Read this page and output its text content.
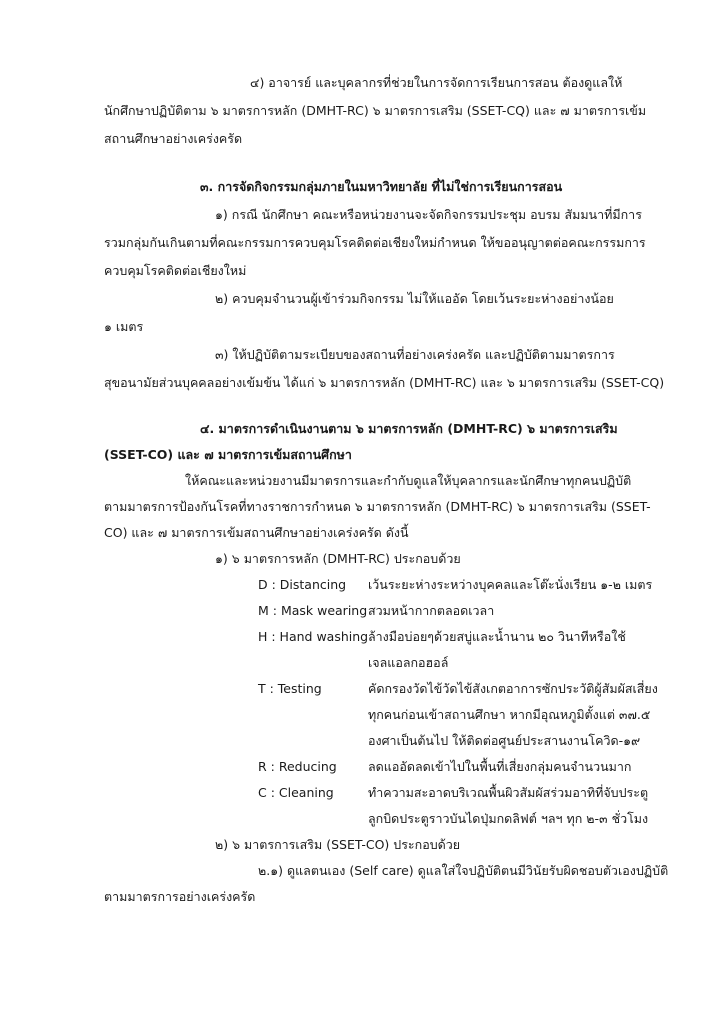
๔) อาจารย์ และบุคลากรที่ช่วยในการจัดการเรียนการสอน ต้องดูแลให้
นักศึกษาปฏิบัติตาม ๖ มาตรการหลัก (DMHT-RC) ๖ มาตรการเสริม (SSET-CQ) และ ๗ มาตรการเข้ม
สถานศึกษาอย่างเคร่งครัด
๓. การจัดกิจกรรมกลุ่มภายในมหาวิทยาลัย ที่ไม่ใช่การเรียนการสอน
๑) กรณี นักศึกษา คณะหรือหน่วยงานจะจัดกิจกรรมประชุม อบรม สัมมนาที่มีการ
รวมกลุ่มกันเกินตามที่คณะกรรมการควบคุมโรคติดต่อเชียงใหม่กำหนด ให้ขออนุญาตต่อคณะกรรมการ
ควบคุมโรคติดต่อเชียงใหม่
๒) ควบคุมจำนวนผู้เข้าร่วมกิจกรรม ไม่ให้แออัด โดยเว้นระยะห่างอย่างน้อย
๑ เมตร
๓) ให้ปฏิบัติตามระเบียบของสถานที่อย่างเคร่งครัด และปฏิบัติตามมาตรการ
สุขอนามัยส่วนบุคคลอย่างเข้มข้น ได้แก่ ๖ มาตรการหลัก (DMHT-RC) และ ๖ มาตรการเสริม (SSET-CQ)
๔. มาตรการดำเนินงานตาม ๖ มาตรการหลัก (DMHT-RC) ๖ มาตรการเสริม
(SSET-CO) และ ๗ มาตรการเข้มสถานศึกษา
ให้คณะและหน่วยงานมีมาตรการและกำกับดูแลให้บุคลากรและนักศึกษาทุกคนปฏิบัติ
ตามมาตรการป้องกันโรคที่ทางราชการกำหนด ๖ มาตรการหลัก (DMHT-RC) ๖ มาตรการเสริม (SSET-
CO) และ ๗ มาตรการเข้มสถานศึกษาอย่างเคร่งครัด ดังนี้
๑) ๖ มาตรการหลัก (DMHT-RC) ประกอบด้วย
D : Distancing เว้นระยะห่างระหว่างบุคคลและโต๊ะนั่งเรียน ๑-๒ เมตร
M : Mask wearing สวมหน้ากากตลอดเวลา
H : Hand washing ล้างมือบ่อยๆด้วยสบู่และน้ำนาน ๒๐ วินาทีหรือใช้
เจลแอลกอฮอล์
T : Testing	คัดกรองวัดไข้วัดไข้สังเกตอาการซักประวัติผู้สัมผัสเสี่ยง
ทุกคนก่อนเข้าสถานศึกษา หากมีอุณหภูมิตั้งแต่ ๓๗.๕
องศาเป็นต้นไป ให้ติดต่อศูนย์ประสานงานโควิด-๑๙
R : Reducing	ลดแออัดลดเข้าไปในพื้นที่เสี่ยงกลุ่มคนจำนวนมาก
C : Cleaning	ทำความสะอาดบริเวณพื้นผิวสัมผัสร่วมอาทิที่จับประตู
ลูกบิดประตูราวบันไดปุ่มกดลิฟต์ ฯลฯ ทุก ๒-๓ ชั่วโมง
๒) ๖ มาตรการเสริม (SSET-CO) ประกอบด้วย
๒.๑) ดูแลตนเอง (Self care) ดูแลใส่ใจปฏิบัติตนมีวินัยรับผิดชอบตัวเองปฏิบัติ
ตามมาตรการอย่างเคร่งครัด
